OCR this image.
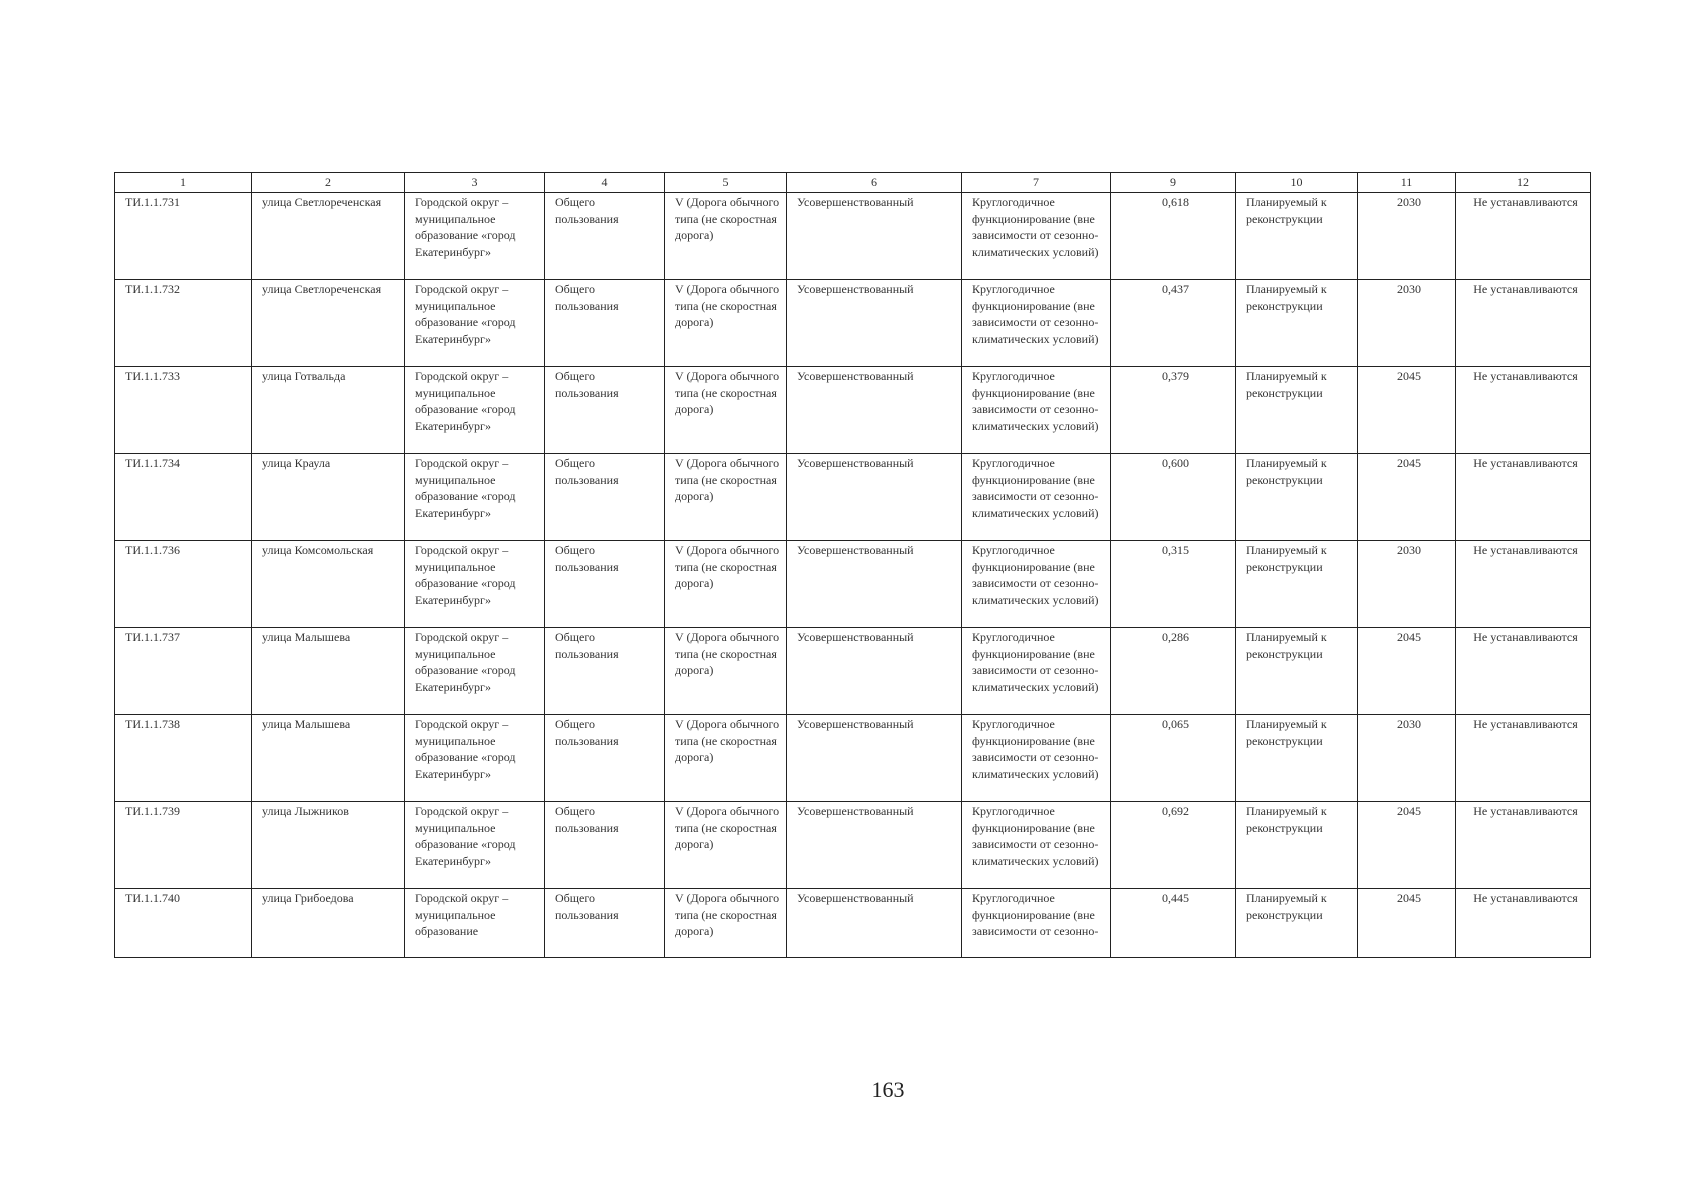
1	2	3	4	5	6	7	9	10	11	12
ТИ.1.1.731	улица Светлореченская	Городской округ – муниципальное образование «город Екатеринбург»	Общего пользования	V (Дорога обычного типа (не скоростная дорога)	Усовершенствованный	Круглогодичное функционирование (вне зависимости от сезонно-климатических условий)	0,618	Планируемый к реконструкции	2030	Не устанавливаются
ТИ.1.1.732	улица Светлореченская	Городской округ – муниципальное образование «город Екатеринбург»	Общего пользования	V (Дорога обычного типа (не скоростная дорога)	Усовершенствованный	Круглогодичное функционирование (вне зависимости от сезонно-климатических условий)	0,437	Планируемый к реконструкции	2030	Не устанавливаются
ТИ.1.1.733	улица Готвальда	Городской округ – муниципальное образование «город Екатеринбург»	Общего пользования	V (Дорога обычного типа (не скоростная дорога)	Усовершенствованный	Круглогодичное функционирование (вне зависимости от сезонно-климатических условий)	0,379	Планируемый к реконструкции	2045	Не устанавливаются
ТИ.1.1.734	улица Краула	Городской округ – муниципальное образование «город Екатеринбург»	Общего пользования	V (Дорога обычного типа (не скоростная дорога)	Усовершенствованный	Круглогодичное функционирование (вне зависимости от сезонно-климатических условий)	0,600	Планируемый к реконструкции	2045	Не устанавливаются
ТИ.1.1.736	улица Комсомольская	Городской округ – муниципальное образование «город Екатеринбург»	Общего пользования	V (Дорога обычного типа (не скоростная дорога)	Усовершенствованный	Круглогодичное функционирование (вне зависимости от сезонно-климатических условий)	0,315	Планируемый к реконструкции	2030	Не устанавливаются
ТИ.1.1.737	улица Малышева	Городской округ – муниципальное образование «город Екатеринбург»	Общего пользования	V (Дорога обычного типа (не скоростная дорога)	Усовершенствованный	Круглогодичное функционирование (вне зависимости от сезонно-климатических условий)	0,286	Планируемый к реконструкции	2045	Не устанавливаются
ТИ.1.1.738	улица Малышева	Городской округ – муниципальное образование «город Екатеринбург»	Общего пользования	V (Дорога обычного типа (не скоростная дорога)	Усовершенствованный	Круглогодичное функционирование (вне зависимости от сезонно-климатических условий)	0,065	Планируемый к реконструкции	2030	Не устанавливаются
ТИ.1.1.739	улица Лыжников	Городской округ – муниципальное образование «город Екатеринбург»	Общего пользования	V (Дорога обычного типа (не скоростная дорога)	Усовершенствованный	Круглогодичное функционирование (вне зависимости от сезонно-климатических условий)	0,692	Планируемый к реконструкции	2045	Не устанавливаются
ТИ.1.1.740	улица Грибоедова	Городской округ – муниципальное образование	Общего пользования	V (Дорога обычного типа (не скоростная дорога)	Усовершенствованный	Круглогодичное функционирование (вне зависимости от сезонно-	0,445	Планируемый к реконструкции	2045	Не устанавливаются
163
